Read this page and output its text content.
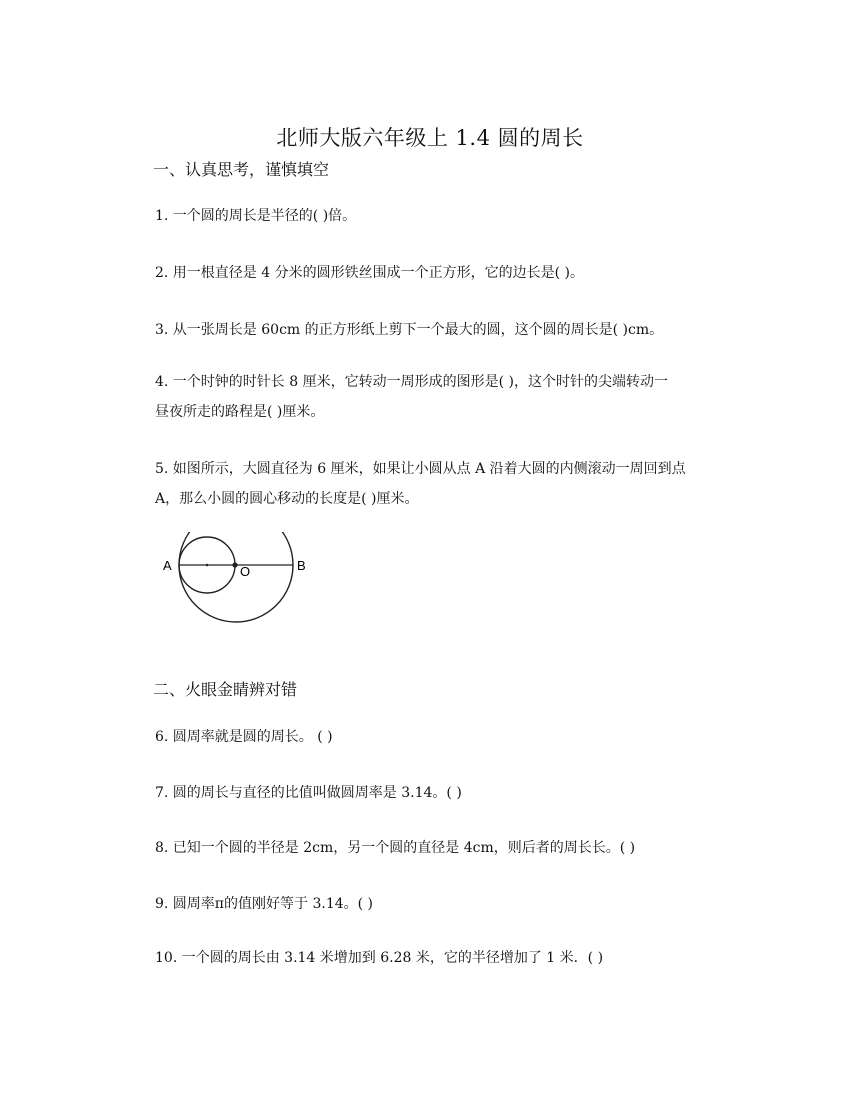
北师大版六年级上 1.4 圆的周长
一、认真思考，谨慎填空
1. 一个圆的周长是半径的( )倍。
2. 用一根直径是 4 分米的圆形铁丝围成一个正方形，它的边长是( )。
3. 从一张周长是 60cm 的正方形纸上剪下一个最大的圆，这个圆的周长是( )cm。
4. 一个时钟的时针长 8 厘米，它转动一周形成的图形是( )，这个时针的尖端转动一
昼夜所走的路程是( )厘米。
5. 如图所示，大圆直径为 6 厘米，如果让小圆从点 A 沿着大圆的内侧滚动一周回到点
A，那么小圆的圆心移动的长度是( )厘米。
A	O	B
二、火眼金睛辨对错
6. 圆周率就是圆的周长。 ( )
7. 圆的周长与直径的比值叫做圆周率是 3.14。( )
8. 已知一个圆的半径是 2cm，另一个圆的直径是 4cm，则后者的周长长。( )
9. 圆周率π的值刚好等于 3.14。( )
10. 一个圆的周长由 3.14 米增加到 6.28 米，它的半径增加了 1 米．( )
